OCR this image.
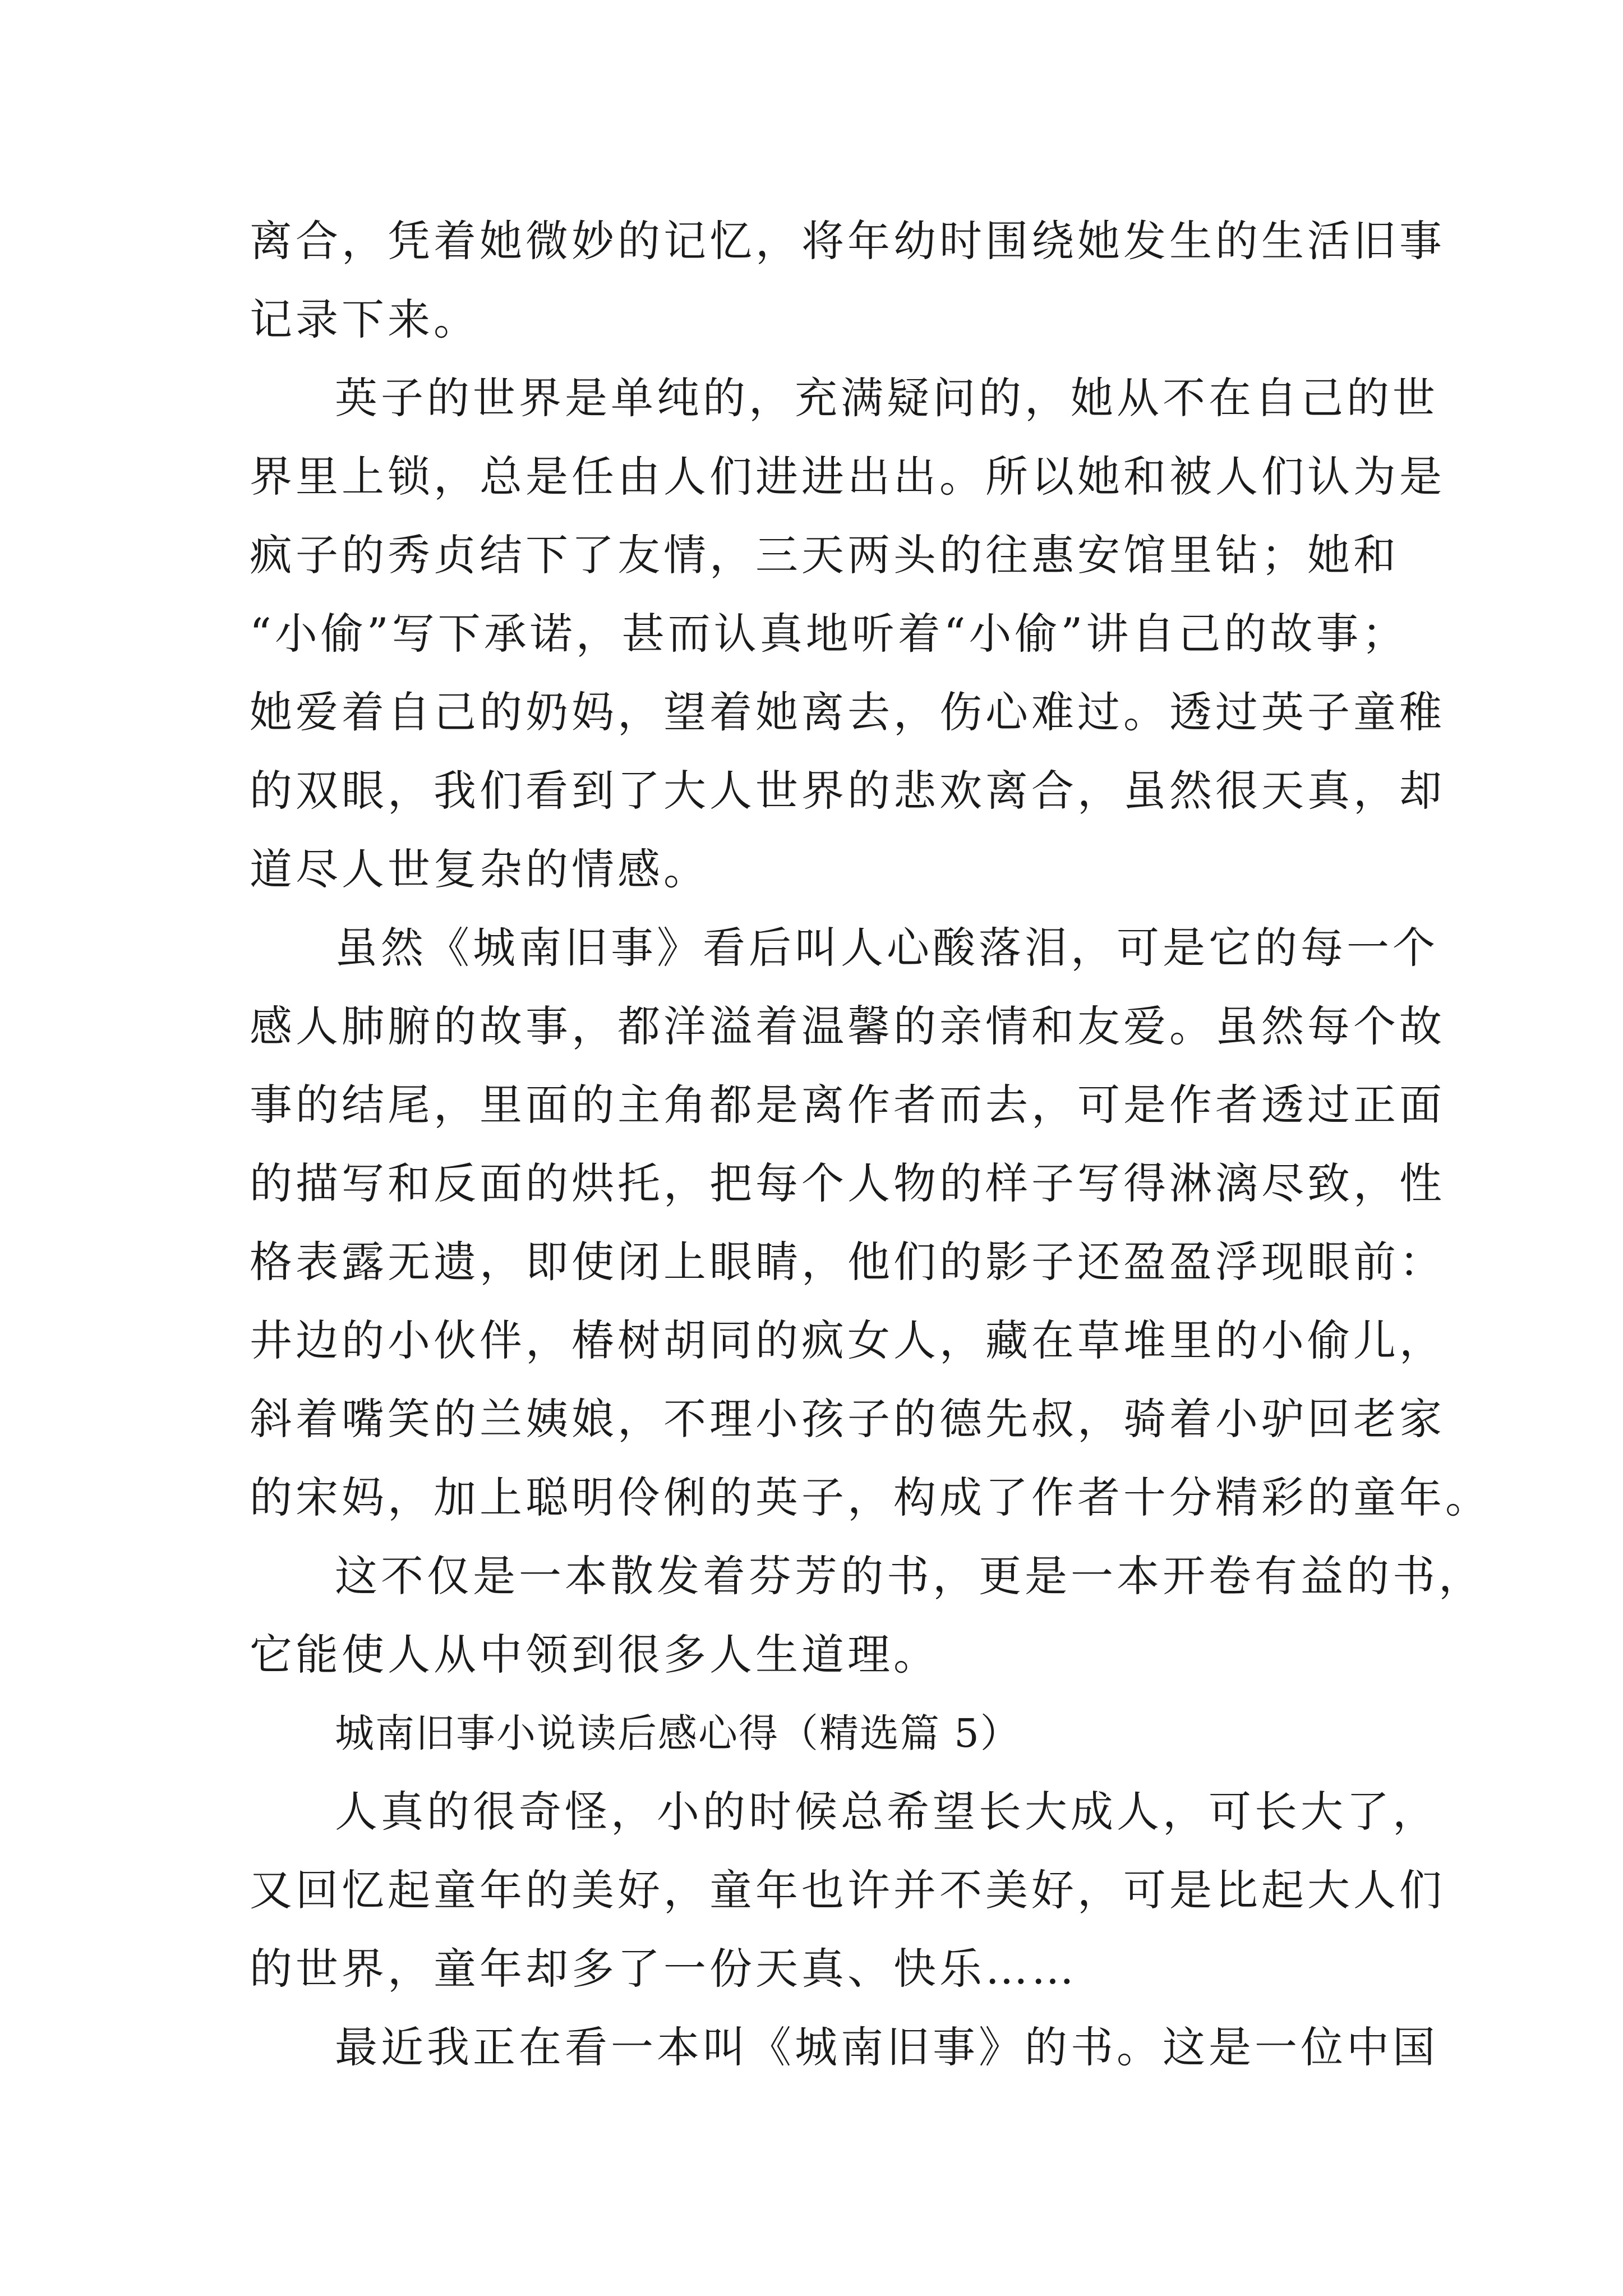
离合，凭着她微妙的记忆，将年幼时围绕她发生的生活旧事
记录下来。
英子的世界是单纯的，充满疑问的，她从不在自己的世
界里上锁，总是任由人们进进出出。所以她和被人们认为是
疯子的秀贞结下了友情，三天两头的往惠安馆里钻；她和
“小偷”写下承诺，甚而认真地听着“小偷”讲自己的故事；
她爱着自己的奶妈，望着她离去，伤心难过。透过英子童稚
的双眼，我们看到了大人世界的悲欢离合，虽然很天真，却
道尽人世复杂的情感。
虽然《城南旧事》看后叫人心酸落泪，可是它的每一个
感人肺腑的故事，都洋溢着温馨的亲情和友爱。虽然每个故
事的结尾，里面的主角都是离作者而去，可是作者透过正面
的描写和反面的烘托，把每个人物的样子写得淋漓尽致，性
格表露无遗，即使闭上眼睛，他们的影子还盈盈浮现眼前：
井边的小伙伴，椿树胡同的疯女人，藏在草堆里的小偷儿，
斜着嘴笑的兰姨娘，不理小孩子的德先叔，骑着小驴回老家
的宋妈，加上聪明伶俐的英子，构成了作者十分精彩的童年。
这不仅是一本散发着芬芳的书，更是一本开卷有益的书，
它能使人从中领到很多人生道理。
城南旧事小说读后感心得（精选篇 5）
人真的很奇怪，小的时候总希望长大成人，可长大了，
又回忆起童年的美好，童年也许并不美好，可是比起大人们
的世界，童年却多了一份天真、快乐……
最近我正在看一本叫《城南旧事》的书。这是一位中国
